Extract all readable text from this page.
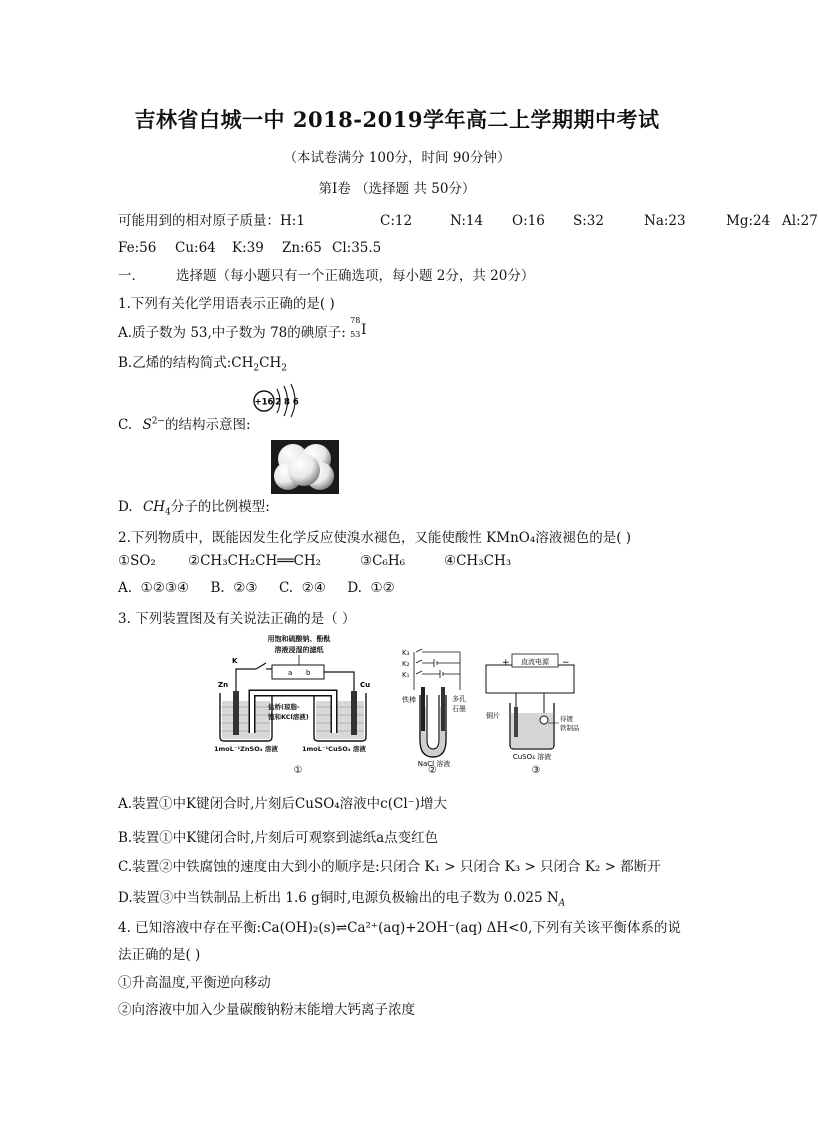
吉林省白城一中 2018-2019学年高二上学期期中考试
（本试卷满分 100分，时间 90分钟）
第Ⅰ卷 （选择题 共 50分）
可能用到的相对原子质量：H:1	C:12	N:14 O:16 S:32	Na:23	Mg:24 Al:27
Fe:56 Cu:64 K:39 Zn:65 Cl:35.5
一． 选择题（每小题只有一个正确选项，每小题 2分，共 20分）
1.下列有关化学用语表示正确的是( )
A.质子数为 53,中子数为 78的碘原子:
78
53 I
B.乙烯的结构简式$:CH_2CH_2$
+16 2 8 6
C. $S^{2-}$的结构示意图:
D. $CH_4$分子的比例模型:
2.下列物质中，既能因发生化学反应使溴水褪色，又能使酸性 KMnO₄溶液褪色的是( )
①SO₂ ②CH₃CH₂CH══CH₂	③C₆H₆	④CH₃CH₃
A.  ①②③④     B.  ②③     C.  ②④     D.  ①②
3. 下列装置图及有关说法正确的是（ ）
用饱和硫酸钠、酚酞
溶液浸湿的滤纸
a b
K
Zn	Cu
盐桥(琼脂-
饱和KCl溶液)
1moL⁻¹ZnSO₄ 溶液	1moL⁻¹CuSO₄ 溶液
①
K₃
K₂
K₁
铁棒	多孔
石墨
NaCl 溶液
②
直流电源
+	−
铜片	待镀
铁制品
CuSO₄ 溶液
③
A.装置①中K键闭合时,片刻后CuSO₄溶液中c(Cl⁻)增大
B.装置①中K键闭合时,片刻后可观察到滤纸a点变红色
C.装置②中铁腐蚀的速度由大到小的顺序是:只闭合 K₁ > 只闭合 K₃ > 只闭合 K₂ > 都断开
D.装置③中当铁制品上析出 1.6 g铜时,电源负极输出的电子数为 0.025 $N_A$
4. 已知溶液中存在平衡:Ca(OH)₂(s)⇌Ca²⁺(aq)+2OH⁻(aq) ΔH<0,下列有关该平衡体系的说
法正确的是( )
①升高温度,平衡逆向移动
②向溶液中加入少量碳酸钠粉末能增大钙离子浓度
